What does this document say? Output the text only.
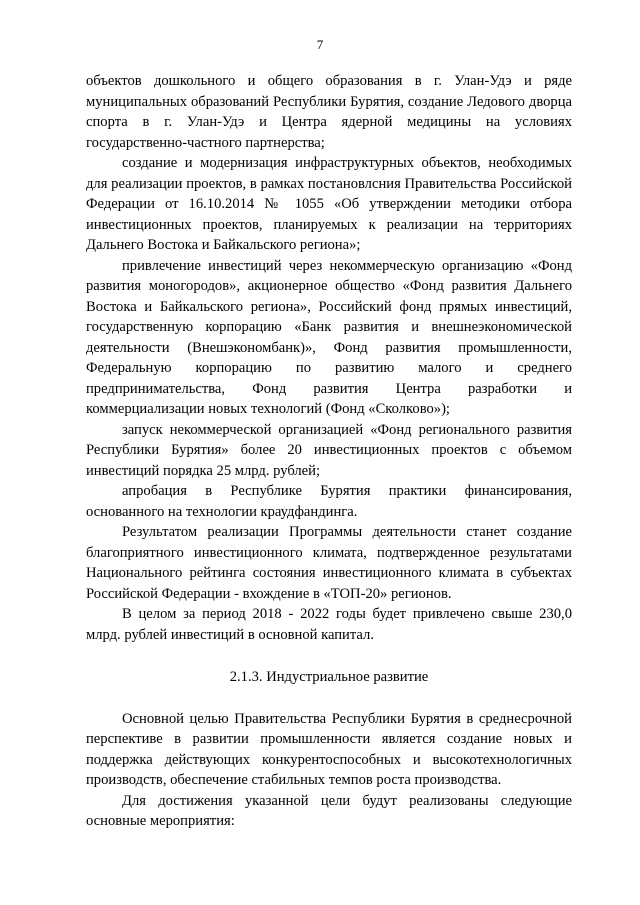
7

объектов дошкольного и общего образования в г. Улан-Удэ и ряде муниципальных образований Республики Бурятия, создание Ледового дворца спорта в г. Улан-Удэ и Центра ядерной медицины на условиях государственно-частного партнерства;

создание и модернизация инфраструктурных объектов, необходимых для реализации проектов, в рамках постановлсния Правительства Российской Федерации от 16.10.2014 № 1055 «Об утверждении методики отбора инвестиционных проектов, планируемых к реализации на территориях Дальнего Востока и Байкальского региона»;

привлечение инвестиций через некоммерческую организацию «Фонд развития моногородов», акционерное общество «Фонд развития Дальнего Востока и Байкальского региона», Российский фонд прямых инвестиций, государственную корпорацию «Банк развития и внешнеэкономической деятельности (Внешэкономбанк)», Фонд развития промышленности, Федеральную корпорацию по развитию малого и среднего предпринимательства, Фонд развития Центра разработки и коммерциализации новых технологий (Фонд «Сколково»);

запуск некоммерческой организацией «Фонд регионального развития Республики Бурятия» более 20 инвестиционных проектов с объемом инвестиций порядка 25 млрд. рублей;

апробация в Республике Бурятия практики финансирования, основанного на технологии краудфандинга.

Результатом реализации Программы деятельности станет создание благоприятного инвестиционного климата, подтвержденное результатами Национального рейтинга состояния инвестиционного климата в субъектах Российской Федерации - вхождение в «ТОП-20» регионов.

В целом за период 2018 - 2022 годы будет привлечено свыше 230,0 млрд. рублей инвестиций в основной капитал.

2.1.3. Индустриальное развитие

Основной целью Правительства Республики Бурятия в среднесрочной перспективе в развитии промышленности является создание новых и поддержка действующих конкурентоспособных и высокотехнологичных производств, обеспечение стабильных темпов роста производства.

Для достижения указанной цели будут реализованы следующие основные мероприятия:
